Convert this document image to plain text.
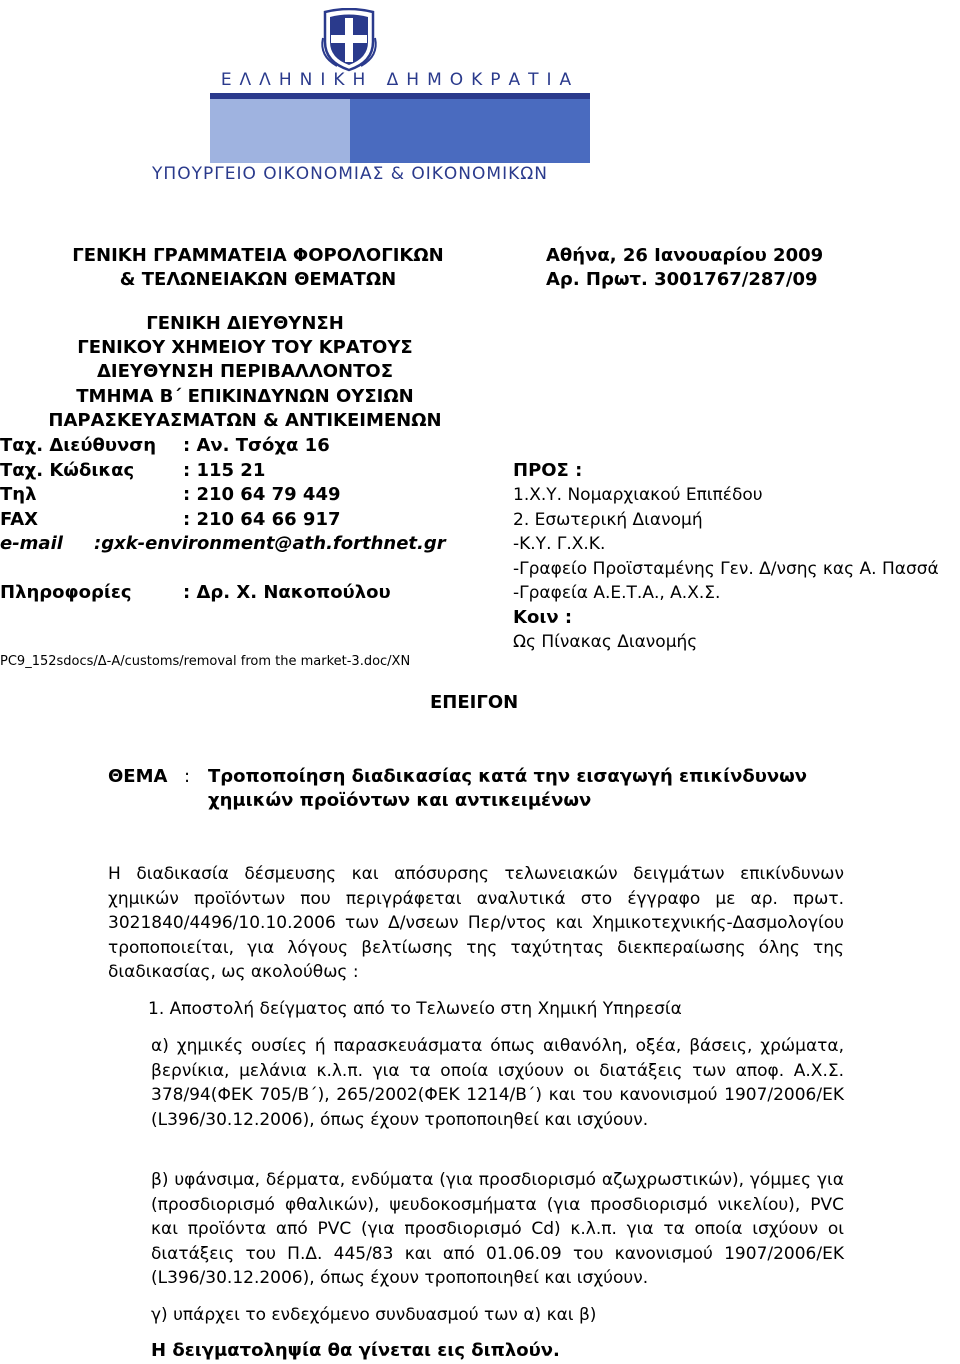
ΕΛΛΗΝΙΚΗ ΔΗΜΟΚΡΑΤΙΑ
ΥΠΟΥΡΓΕΙΟ ΟΙΚΟΝΟΜΙΑΣ & ΟΙΚΟΝΟΜΙΚΩΝ
ΓΕΝΙΚΗ ΓΡΑΜΜΑΤΕΙΑ ΦΟΡΟΛΟΓΙΚΩΝ
& ΤΕΛΩΝΕΙΑΚΩΝ ΘΕΜΑΤΩΝ
Αθήνα, 26 Ιανουαρίου 2009
Αρ. Πρωτ. 3001767/287/09
ΓΕΝΙΚΗ ΔΙΕΥΘΥΝΣΗ
ΓΕΝΙΚΟΥ ΧΗΜΕΙΟΥ ΤΟΥ ΚΡΑΤΟΥΣ
ΔΙΕΥΘΥΝΣΗ ΠΕΡΙΒΑΛΛΟΝΤΟΣ
ΤΜΗΜΑ Β΄ ΕΠΙΚΙΝΔΥΝΩΝ ΟΥΣΙΩΝ
ΠΑΡΑΣΚΕΥΑΣΜΑΤΩΝ & ΑΝΤΙΚΕΙΜΕΝΩΝ
Ταχ. Διεύθυνση : Αν. Τσόχα 16
Ταχ. Κώδικας	: 115 21
Τηλ	: 210 64 79 449
FAX	: 210 64 66 917
e-mail :gxk-environment@ath.forthnet.gr
Πληροφορίες	: Δρ. Χ. Νακοπούλου
PC9_152sdocs/Δ-Α/customs/removal from the market-3.doc/XN
ΠΡΟΣ :
1.Χ.Υ. Νομαρχιακού Επιπέδου
2. Εσωτερική Διανομή
-Κ.Υ. Γ.Χ.Κ.
-Γραφείο Προϊσταμένης Γεν. Δ/νσης κας Α. Πασσά
-Γραφεία Α.Ε.Τ.Α., Α.Χ.Σ.
Κοιν :
Ως Πίνακας Διανομής
ΕΠΕΙΓΟΝ
ΘΕΜΑ : Τροποποίηση διαδικασίας κατά την εισαγωγή επικίνδυνων
χημικών προϊόντων και αντικειμένων
Η διαδικασία δέσμευσης και απόσυρσης τελωνειακών δειγμάτων επικίνδυνων χημικών προϊόντων που περιγράφεται αναλυτικά στο έγγραφο με αρ. πρωτ. 3021840/4496/10.10.2006 των Δ/νσεων Περ/ντος και Χημικοτεχνικής-Δασμολογίου τροποποιείται, για λόγους βελτίωσης της ταχύτητας διεκπεραίωσης όλης της διαδικασίας, ως ακολούθως :
1. Αποστολή δείγματος από το Τελωνείο στη Χημική Υπηρεσία
α) χημικές ουσίες ή παρασκευάσματα όπως αιθανόλη, οξέα, βάσεις, χρώματα, βερνίκια, μελάνια κ.λ.π. για τα οποία ισχύουν οι διατάξεις των αποφ. Α.Χ.Σ. 378/94(ΦΕΚ 705/Β΄), 265/2002(ΦΕΚ 1214/Β΄) και του κανονισμού 1907/2006/ΕΚ (L396/30.12.2006), όπως έχουν τροποποιηθεί και ισχύουν.
β) υφάνσιμα, δέρματα, ενδύματα (για προσδιορισμό αζωχρωστικών), γόμμες για (προσδιορισμό φθαλικών), ψευδοκοσμήματα (για προσδιορισμό νικελίου), PVC και προϊόντα από PVC (για προσδιορισμό Cd) κ.λ.π. για τα οποία ισχύουν οι διατάξεις του Π.Δ. 445/83 και από 01.06.09 του κανονισμού 1907/2006/ΕΚ (L396/30.12.2006), όπως έχουν τροποποιηθεί και ισχύουν.
γ) υπάρχει το ενδεχόμενο συνδυασμού των α) και β)
Η δειγματοληψία θα γίνεται εις διπλούν.
